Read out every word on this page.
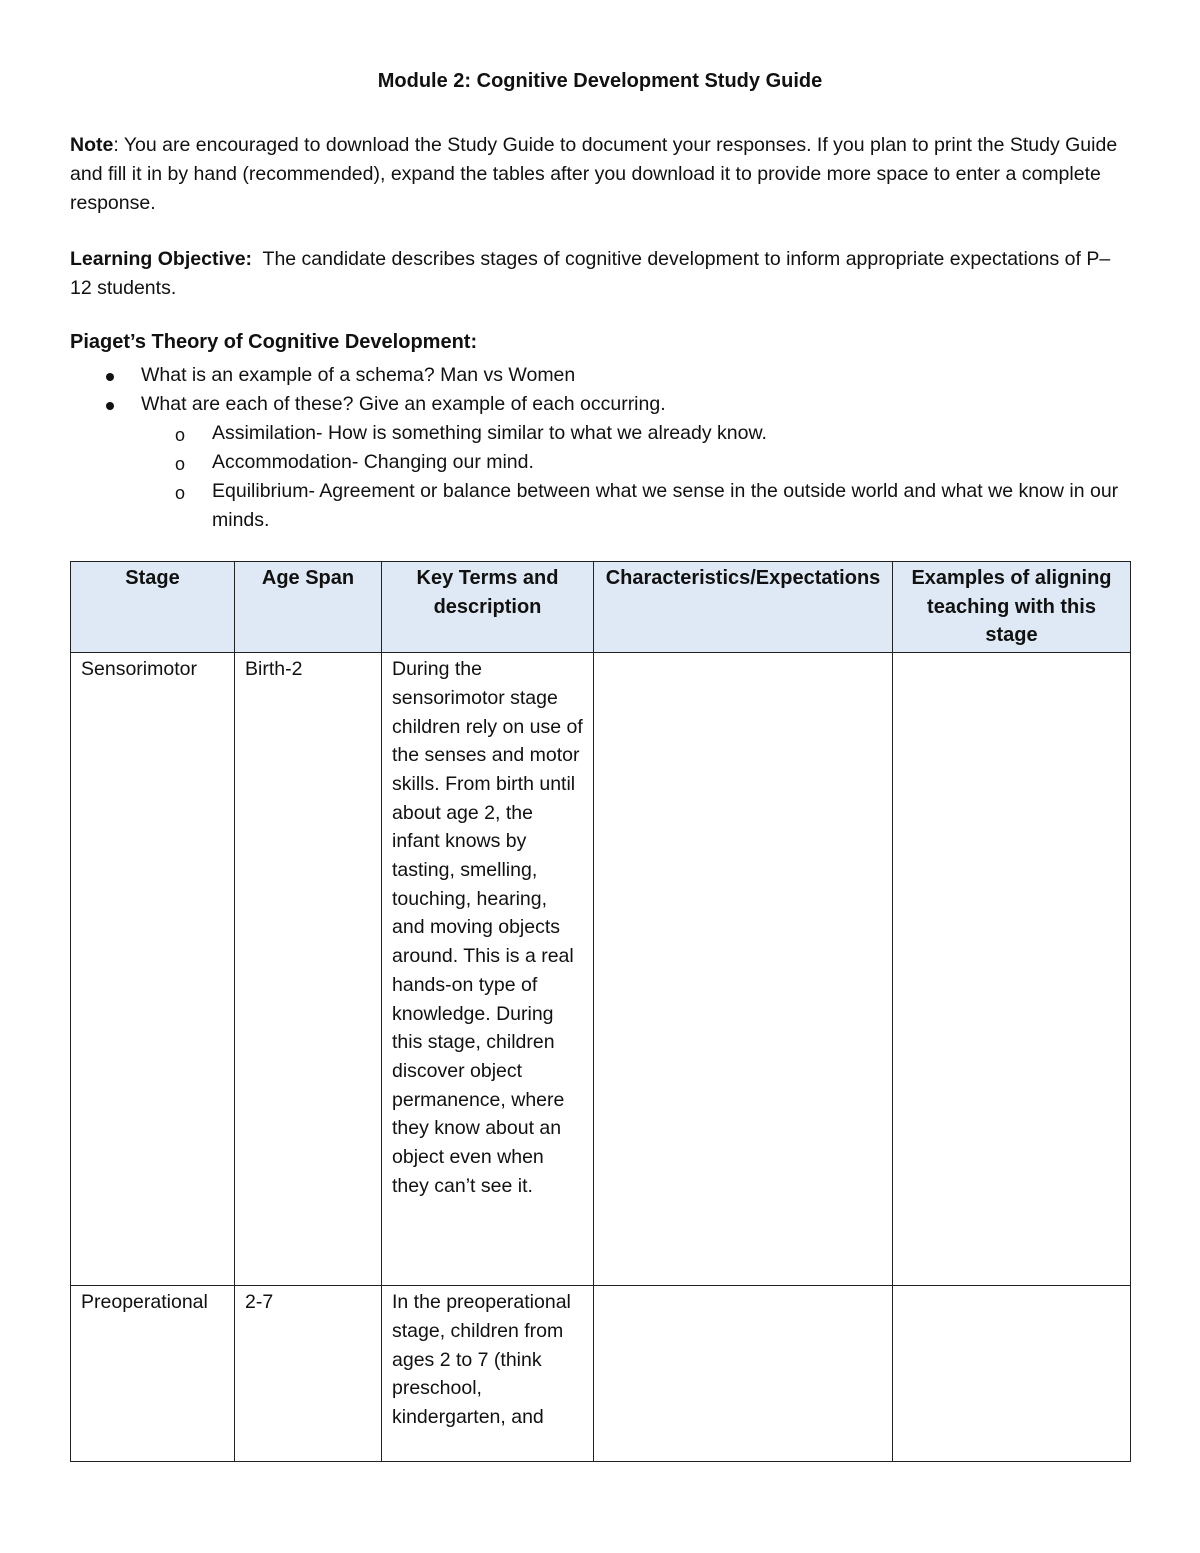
Module 2: Cognitive Development Study Guide
Note: You are encouraged to download the Study Guide to document your responses. If you plan to print the Study Guide and fill it in by hand (recommended), expand the tables after you download it to provide more space to enter a complete response.
Learning Objective:  The candidate describes stages of cognitive development to inform appropriate expectations of P–12 students.
Piaget’s Theory of Cognitive Development:
What is an example of a schema? Man vs Women
What are each of these? Give an example of each occurring.
o Assimilation- How is something similar to what we already know.
o Accommodation- Changing our mind.
o Equilibrium- Agreement or balance between what we sense in the outside world and what we know in our minds.
Stage	Age Span	Key Terms and description	Characteristics/Expectations	Examples of aligning teaching with this stage
Sensorimotor	Birth-2	During the sensorimotor stage children rely on use of the senses and motor skills. From birth until about age 2, the infant knows by tasting, smelling, touching, hearing, and moving objects around. This is a real hands-on type of knowledge. During this stage, children discover object permanence, where they know about an object even when they can’t see it.		
Preoperational	2-7	In the preoperational stage, children from ages 2 to 7 (think preschool, kindergarten, and		
